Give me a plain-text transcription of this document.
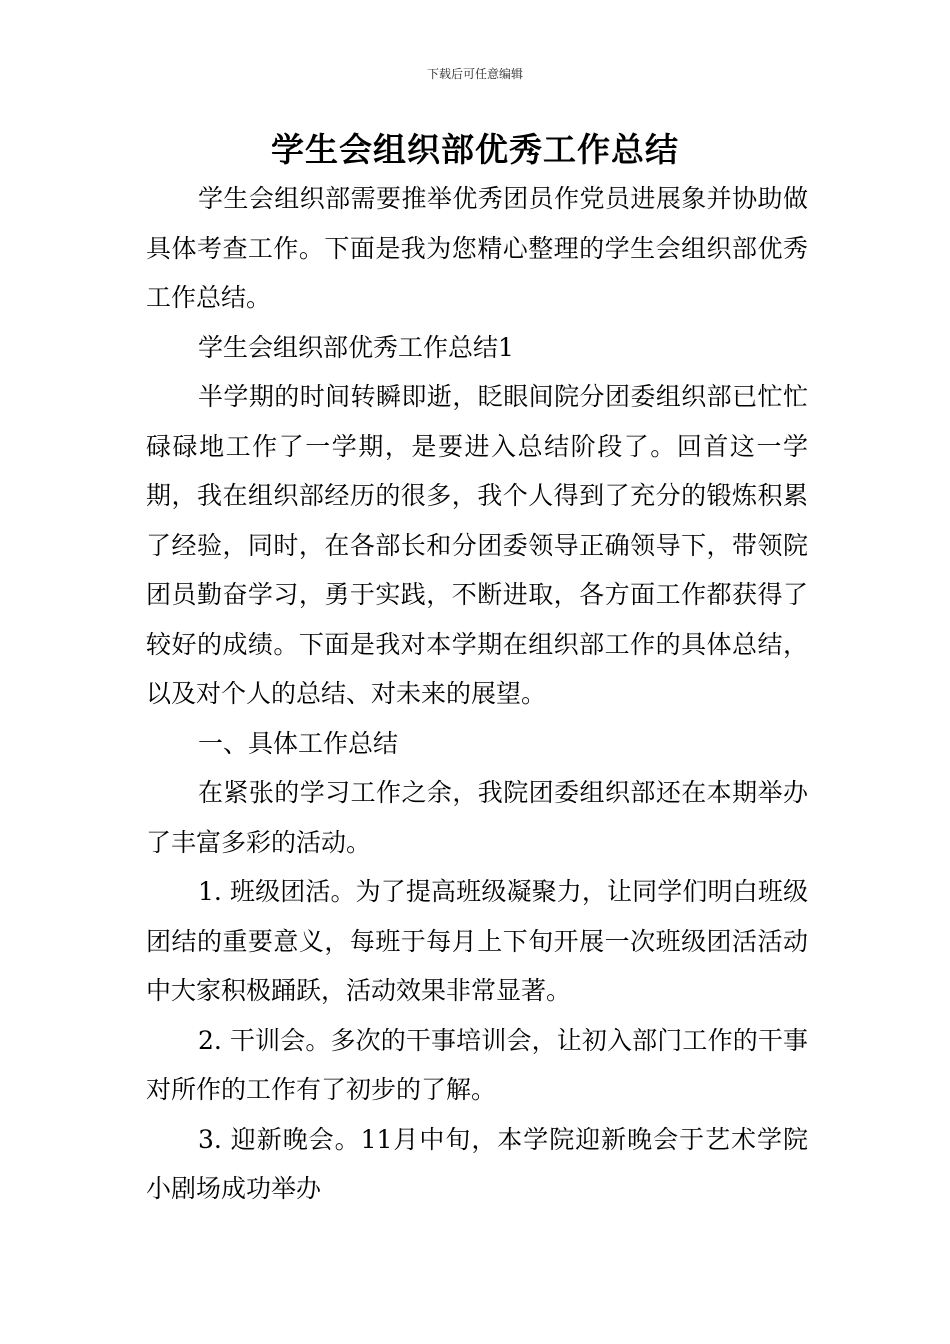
下载后可任意编辑
学生会组织部优秀工作总结

学生会组织部需要推举优秀团员作党员进展象并协助做具体考查工作。下面是我为您精心整理的学生会组织部优秀工作总结。

学生会组织部优秀工作总结1

半学期的时间转瞬即逝，眨眼间院分团委组织部已忙忙碌碌地工作了一学期，是要进入总结阶段了。回首这一学期，我在组织部经历的很多，我个人得到了充分的锻炼积累了经验，同时，在各部长和分团委领导正确领导下，带领院团员勤奋学习，勇于实践，不断进取，各方面工作都获得了较好的成绩。下面是我对本学期在组织部工作的具体总结，以及对个人的总结、对未来的展望。

一、具体工作总结

在紧张的学习工作之余，我院团委组织部还在本期举办了丰富多彩的活动。

1. 班级团活。为了提高班级凝聚力，让同学们明白班级团结的重要意义，每班于每月上下旬开展一次班级团活活动中大家积极踊跃，活动效果非常显著。

2. 干训会。多次的干事培训会，让初入部门工作的干事对所作的工作有了初步的了解。

3. 迎新晚会。11月中旬，本学院迎新晚会于艺术学院小剧场成功举办
